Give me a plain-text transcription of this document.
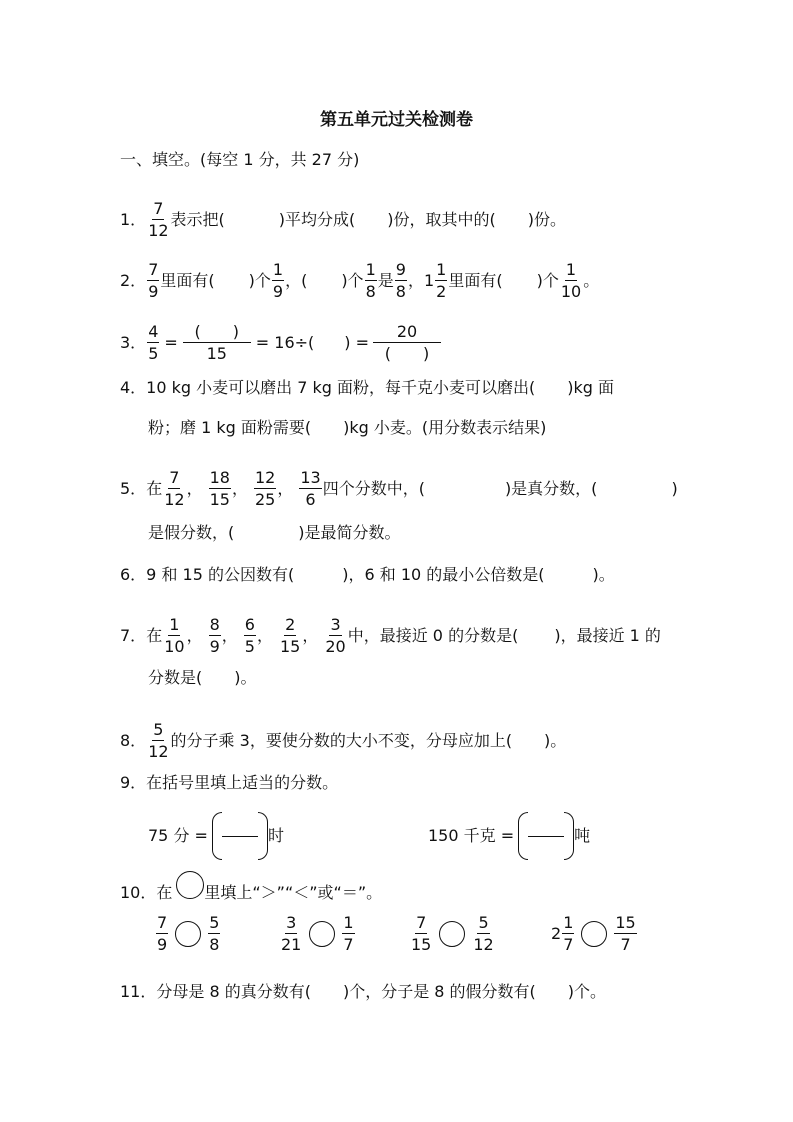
第五单元过关检测卷
一、填空。(每空 1 分，共 27 分)
1． $\frac{7}{12}$ 表示把(	)平均分成( )份，取其中的( )份。
2． $\frac{7}{9}$ 里面有( )个 $\frac{1}{9}$ ，( )个 $\frac{1}{8}$ 是 $\frac{9}{8}$ ， $1 \frac{1}{2}$ 里面有( )个 $\frac{1}{10}$ 。
3． $\frac{4}{5} = \frac{( )}{15} = 16\div$( ) = $\frac{20}{( )}$
4．10 kg 小麦可以磨出 7 kg 面粉，每千克小麦可以磨出(　　)kg 面
粉；磨 1 kg 面粉需要(　　)kg 小麦。(用分数表示结果)
5． 在 $\frac{7}{12}$ ， $\frac{18}{15}$ ， $\frac{12}{25}$ ， $\frac{13}{6}$ 四个分数中，(	)是真分数，(	)
是假分数，(　　　　)是最简分数。
6．9 和 15 的公因数有(　　　)，6 和 10 的最小公倍数是(　　　)。
7． 在 $\frac{1}{10}$ ， $\frac{8}{9}$ ， $\frac{6}{5}$ ， $\frac{2}{15}$ ， $\frac{3}{20}$ 中，最接近 0 的分数是( )，最接近 1 的
分数是(　　)。
8． $\frac{5}{12}$ 的分子乘 3，要使分数的大小不变，分母应加上(　　)。
9．在括号里填上适当的分数。
75 分 =	时	150 千克 =	吨
10．在 里填上“＞”“＜”或“＝”。
$\frac{7}{9}$	$\frac{5}{8}$	$\frac{3}{21}$	$\frac{1}{7}$	$\frac{7}{15}$	$\frac{5}{12}$	$2 \frac{1}{7}$	$\frac{15}{7}$
11．分母是 8 的真分数有(　　)个，分子是 8 的假分数有(　　)个。
